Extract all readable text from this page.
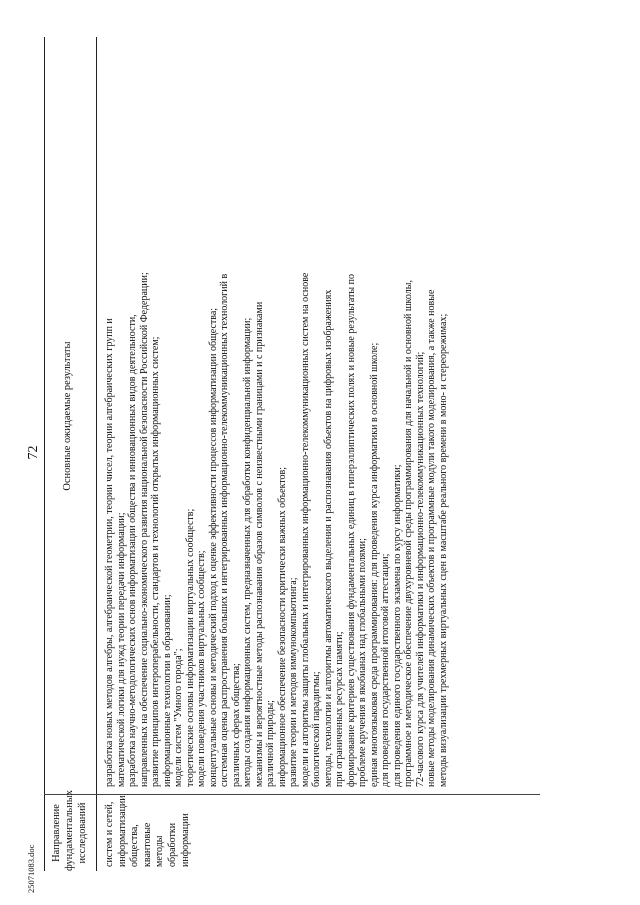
72
25071083.doc
Направление фундаментальных исследований
Основные ожидаемые результаты
систем и сетей, информатизации общества, квантовые методы обработки информации
разработка новых методов алгебры, алгебраической геометрии, теории чисел, теории алгебраических групп и математической логики для нужд теории передачи информации; разработка научно-методологических основ информатизации общества и инновационных видов деятельности, направленных на обеспечение социально-экономического развития национальной безопасности Российской Федерации; развитие принципов интероперабельности, стандартов и технологий открытых информационных систем; информационные технологии в образовании; модели систем "Умного города"; теоретические основы информатизации виртуальных сообществ; модели поведения участников виртуальных сообществ; концептуальные основы и методический подход к оценке эффективности процессов информатизации общества; системная оценка распространения больших и интегрированных информационно-телекоммуникационных технологий в различных сферах общества; методы создания информационных систем, предназначенных для обработки конфиденциальной информации; механизмы и вероятностные методы распознавания образов символов с неизвестными границами и с признаками различной природы; информационное обеспечение безопасности критически важных объектов; развитие теории и методов иммунокомпьютинга; модели и алгоритмы защиты глобальных и интегрированных информационно-телекоммуникационных систем на основе биологической парадигмы; методы, технологии и алгоритмы автоматического выделения и распознавания объектов на цифровых изображениях при ограниченных ресурсах памяти; формирование критериев существования фундаментальных единиц в гиперэллиптических полях и новые результаты по проблеме кручения в якобианах над глобальными полями; единая многоязыковая среда программирования: для проведения курса информатики в основной школе; для проведения государственной итоговой аттестации; для проведения единого государственного экзамена по курсу информатики; программное и методическое обеспечение двухуровневой среды программирования для начальной и основной школы, 72-часового курса для учителей информатики и информационно-телекоммуникационных технологий; новые методы моделирования динамических объектов и программные модули такого моделирования, а также новые методы визуализации трехмерных виртуальных сцен в масштабе реального времени в моно- и стереорежимах;
